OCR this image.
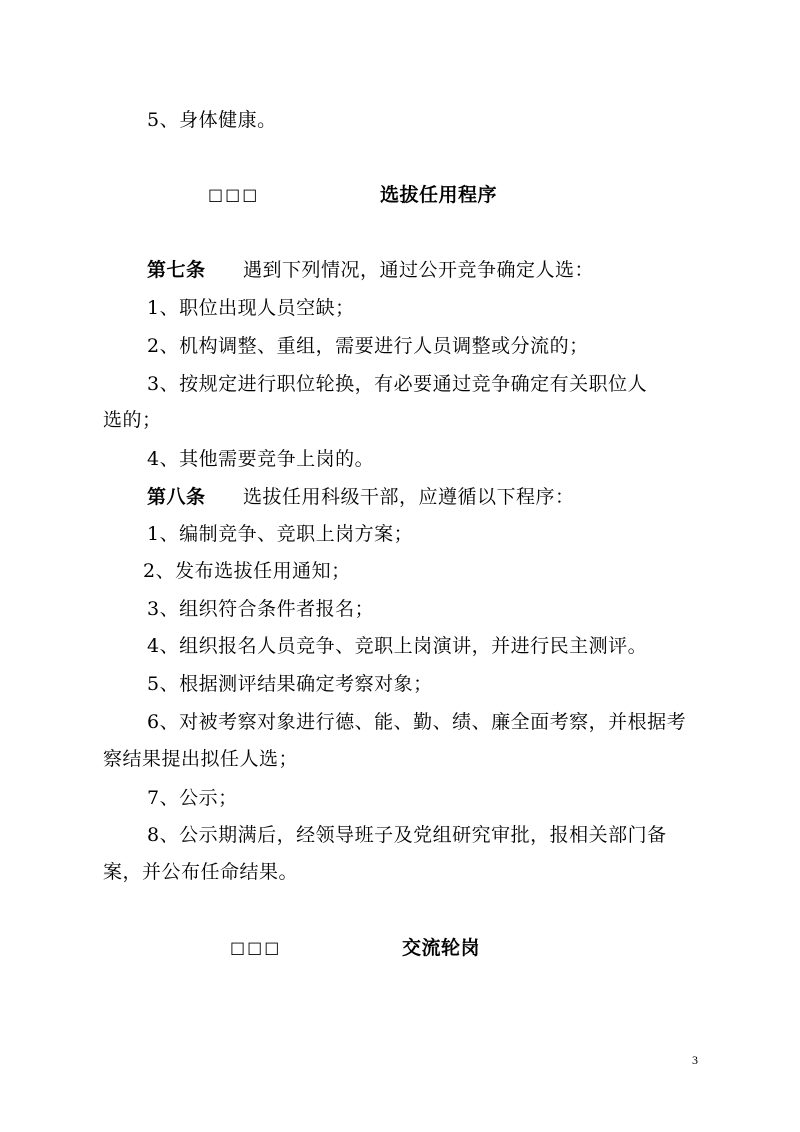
5、身体健康。
□□□	选拔任用程序
第七条 遇到下列情况，通过公开竞争确定人选：
1、职位出现人员空缺；
2、机构调整、重组，需要进行人员调整或分流的；
3、按规定进行职位轮换，有必要通过竞争确定有关职位人
选的；
4、其他需要竞争上岗的。
第八条 选拔任用科级干部，应遵循以下程序：
1、编制竞争、竞职上岗方案；
2、发布选拔任用通知；
3、组织符合条件者报名；
4、组织报名人员竞争、竞职上岗演讲，并进行民主测评。
5、根据测评结果确定考察对象；
6、对被考察对象进行德、能、勤、绩、廉全面考察，并根据考
察结果提出拟任人选；
7、公示；
8、公示期满后，经领导班子及党组研究审批，报相关部门备
案，并公布任命结果。
□□□	交流轮岗
3
